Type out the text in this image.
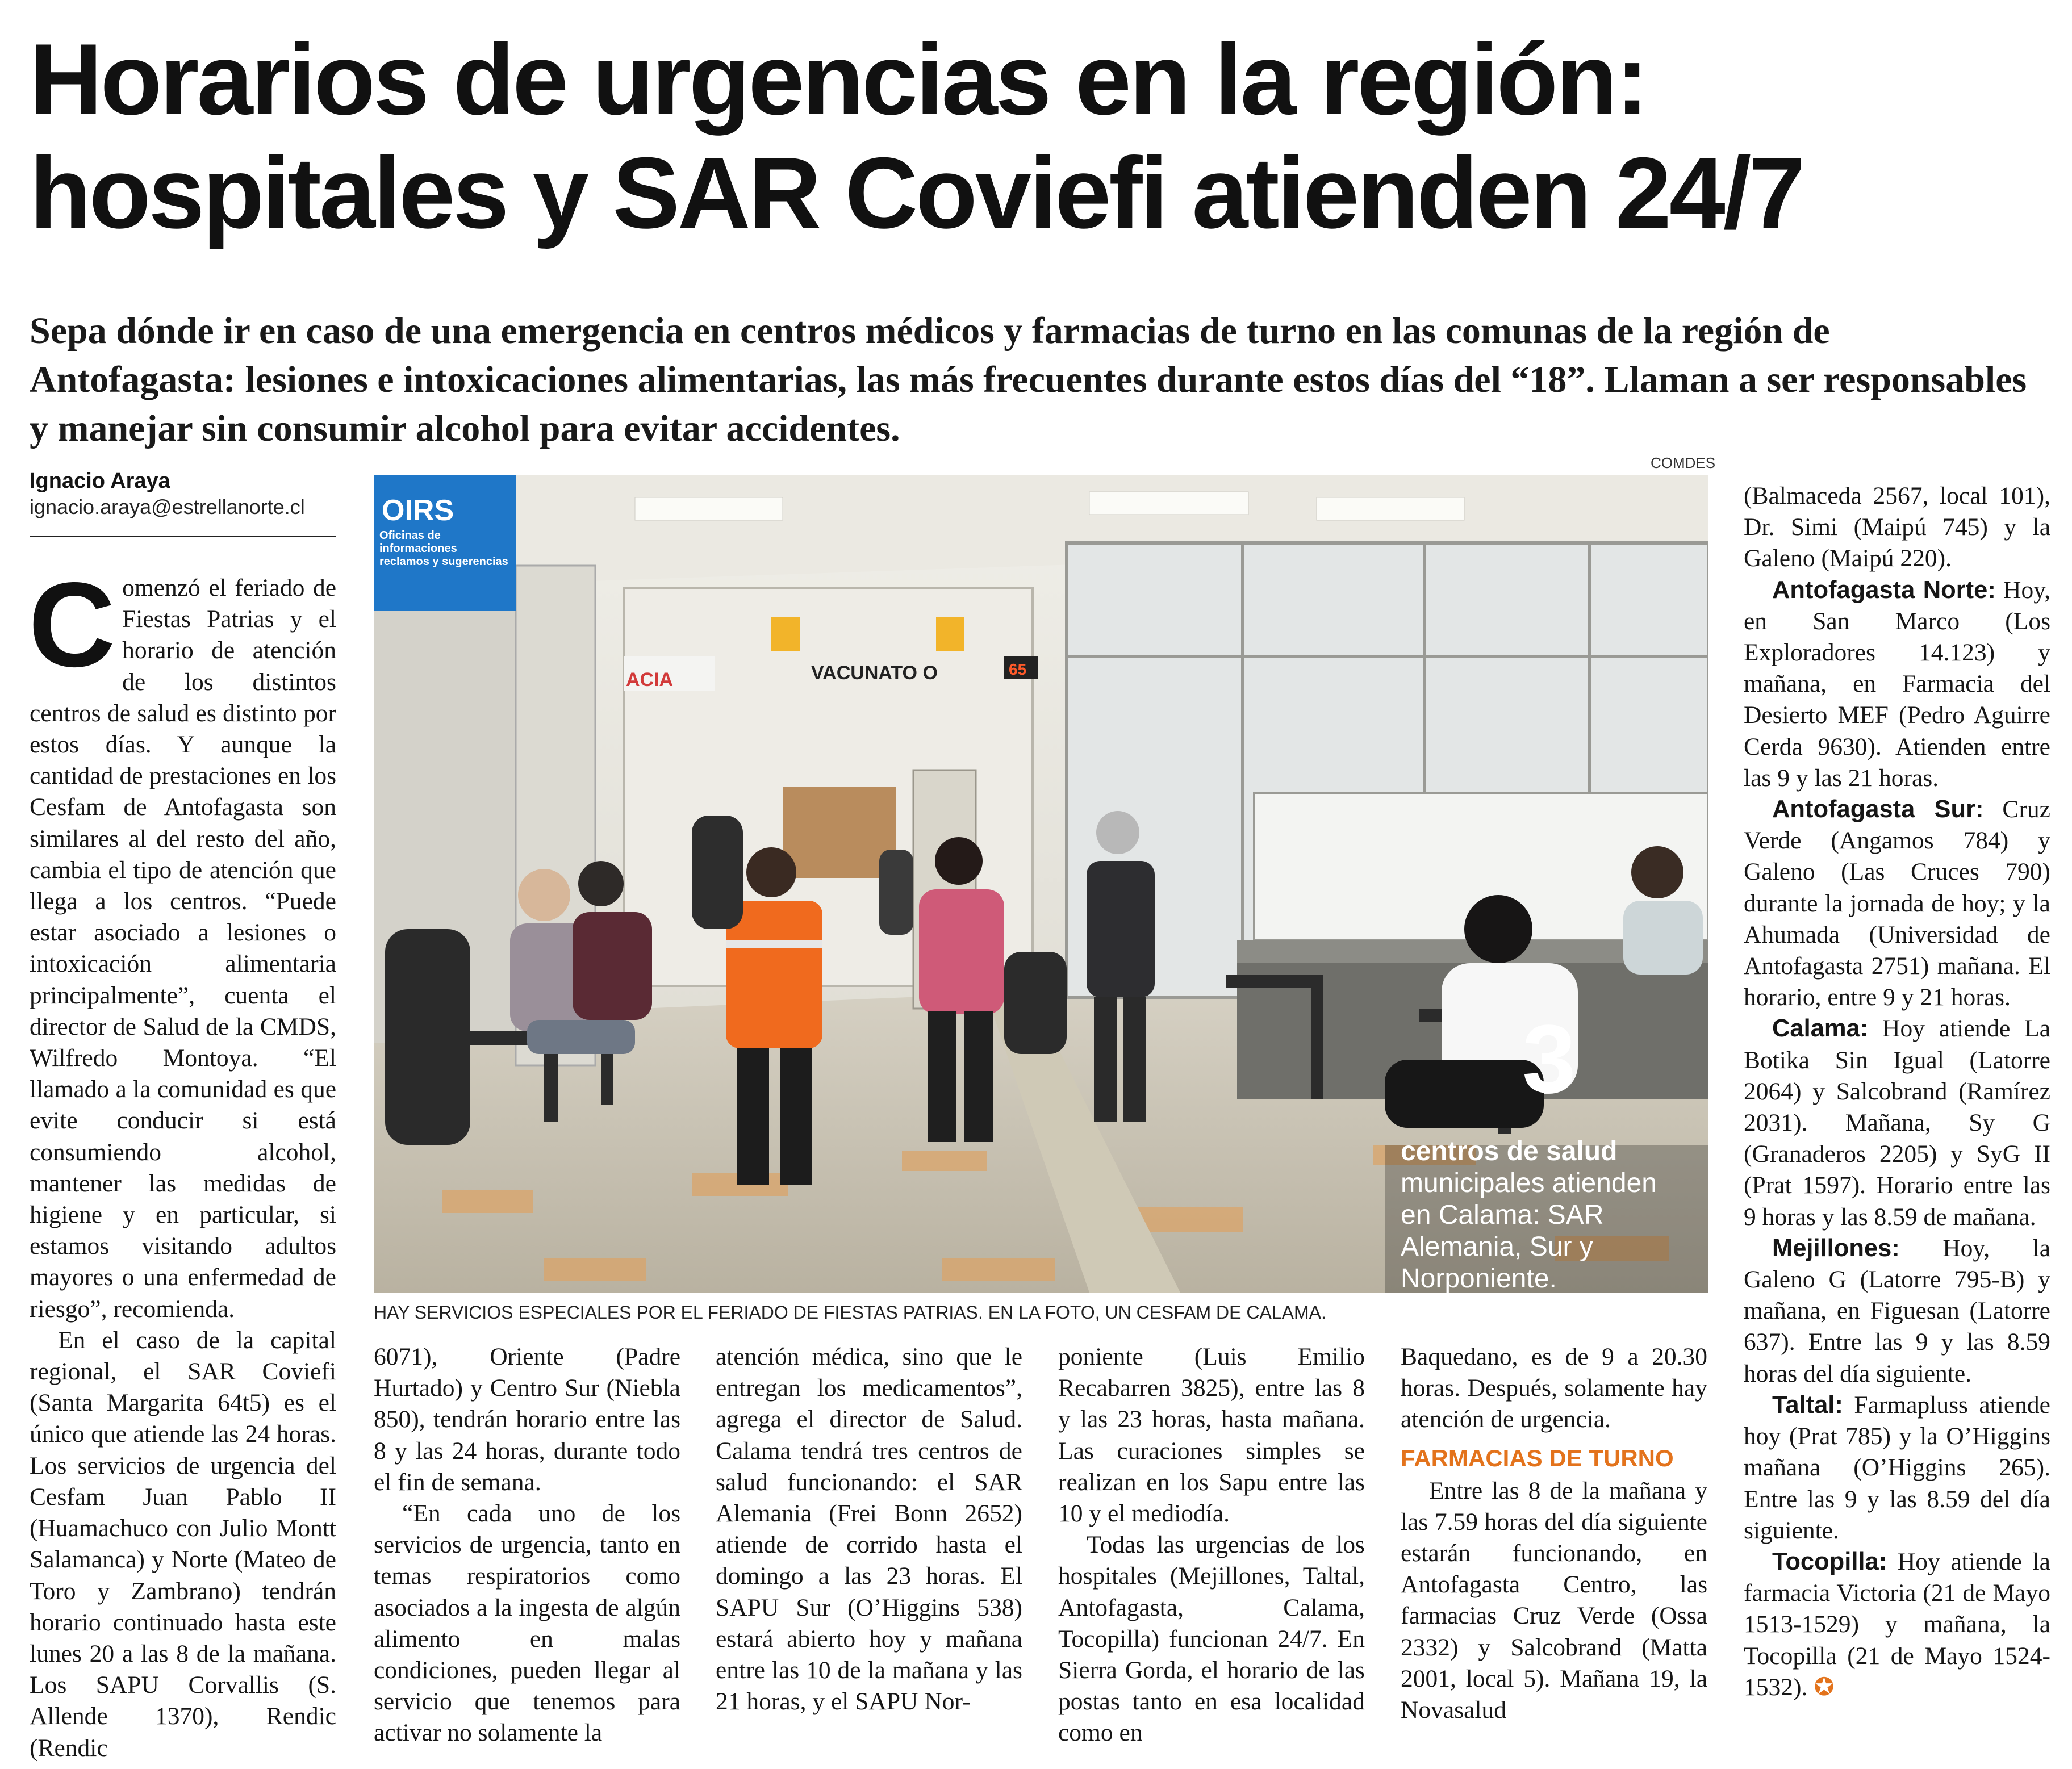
Horarios de urgencias en la región:
hospitales y SAR Coviefi atienden 24/7

Sepa dónde ir en caso de una emergencia en centros médicos y farmacias de turno en las comunas de la región de Antofagasta: lesiones e intoxicaciones alimentarias, las más frecuentes durante estos días del “18”. Llaman a ser responsables y manejar sin consumir alcohol para evitar accidentes.

Ignacio Araya
ignacio.araya@estrellanorte.cl

Comenzó el feriado de Fiestas Patrias y el horario de atención de los distintos centros de salud es distinto por estos días. Y aunque la cantidad de prestaciones en los Cesfam de Antofagasta son similares al del resto del año, cambia el tipo de atención que llega a los centros. “Puede estar asociado a lesiones o intoxicación alimentaria principalmente”, cuenta el director de Salud de la CMDS, Wilfredo Montoya. “El llamado a la comunidad es que evite conducir si está consumiendo alcohol, mantener las medidas de higiene y en particular, si estamos visitando adultos mayores o una enfermedad de riesgo”, recomienda.

En el caso de la capital regional, el SAR Coviefi (Santa Margarita 64t5) es el único que atiende las 24 horas. Los servicios de urgencia del Cesfam Juan Pablo II (Huamachuco con Julio Montt Salamanca) y Norte (Mateo de Toro y Zambrano) tendrán horario continuado hasta este lunes 20 a las 8 de la mañana. Los SAPU Corvallis (S. Allende 1370), Rendic (Rendic

COMDES
OIRS
Oficinas de informaciones reclamos y sugerencias
ACIA	VACUNATO O	65
3
centros de salud municipales atienden en Calama: SAR Alemania, Sur y Norponiente.
HAY SERVICIOS ESPECIALES POR EL FERIADO DE FIESTAS PATRIAS. EN LA FOTO, UN CESFAM DE CALAMA.

6071), Oriente (Padre Hurtado) y Centro Sur (Niebla 850), tendrán horario entre las 8 y las 24 horas, durante todo el fin de semana.

“En cada uno de los servicios de urgencia, tanto en temas respiratorios como asociados a la ingesta de algún alimento en malas condiciones, pueden llegar al servicio que tenemos para activar no solamente la

atención médica, sino que le entregan los medicamentos”, agrega el director de Salud. Calama tendrá tres centros de salud funcionando: el SAR Alemania (Frei Bonn 2652) atiende de corrido hasta el domingo a las 23 horas. El SAPU Sur (O’Higgins 538) estará abierto hoy y mañana entre las 10 de la mañana y las 21 horas, y el SAPU Nor-

poniente (Luis Emilio Recabarren 3825), entre las 8 y las 23 horas, hasta mañana. Las curaciones simples se realizan en los Sapu entre las 10 y el mediodía.

Todas las urgencias de los hospitales (Mejillones, Taltal, Antofagasta, Calama, Tocopilla) funcionan 24/7. En Sierra Gorda, el horario de las postas tanto en esa localidad como en

Baquedano, es de 9 a 20.30 horas. Después, solamente hay atención de urgencia.

FARMACIAS DE TURNO

Entre las 8 de la mañana y las 7.59 horas del día siguiente estarán funcionando, en Antofagasta Centro, las farmacias Cruz Verde (Ossa 2332) y Salcobrand (Matta 2001, local 5). Mañana 19, la Novasalud

(Balmaceda 2567, local 101), Dr. Simi (Maipú 745) y la Galeno (Maipú 220).

Antofagasta Norte: Hoy, en San Marco (Los Exploradores 14.123) y mañana, en Farmacia del Desierto MEF (Pedro Aguirre Cerda 9630). Atienden entre las 9 y las 21 horas.

Antofagasta Sur: Cruz Verde (Angamos 784) y Galeno (Las Cruces 790) durante la jornada de hoy; y la Ahumada (Universidad de Antofagasta 2751) mañana. El horario, entre 9 y 21 horas.

Calama: Hoy atiende La Botika Sin Igual (Latorre 2064) y Salcobrand (Ramírez 2031). Mañana, Sy G (Granaderos 2205) y SyG II (Prat 1597). Horario entre las 9 horas y las 8.59 de mañana.

Mejillones: Hoy, la Galeno G (Latorre 795-B) y mañana, en Figuesan (Latorre 637). Entre las 9 y las 8.59 horas del día siguiente.

Taltal: Farmapluss atiende hoy (Prat 785) y la O’Higgins mañana (O’Higgins 265). Entre las 9 y las 8.59 del día siguiente.

Tocopilla: Hoy atiende la farmacia Victoria (21 de Mayo 1513-1529) y mañana, la Tocopilla (21 de Mayo 1524-1532). ✪
